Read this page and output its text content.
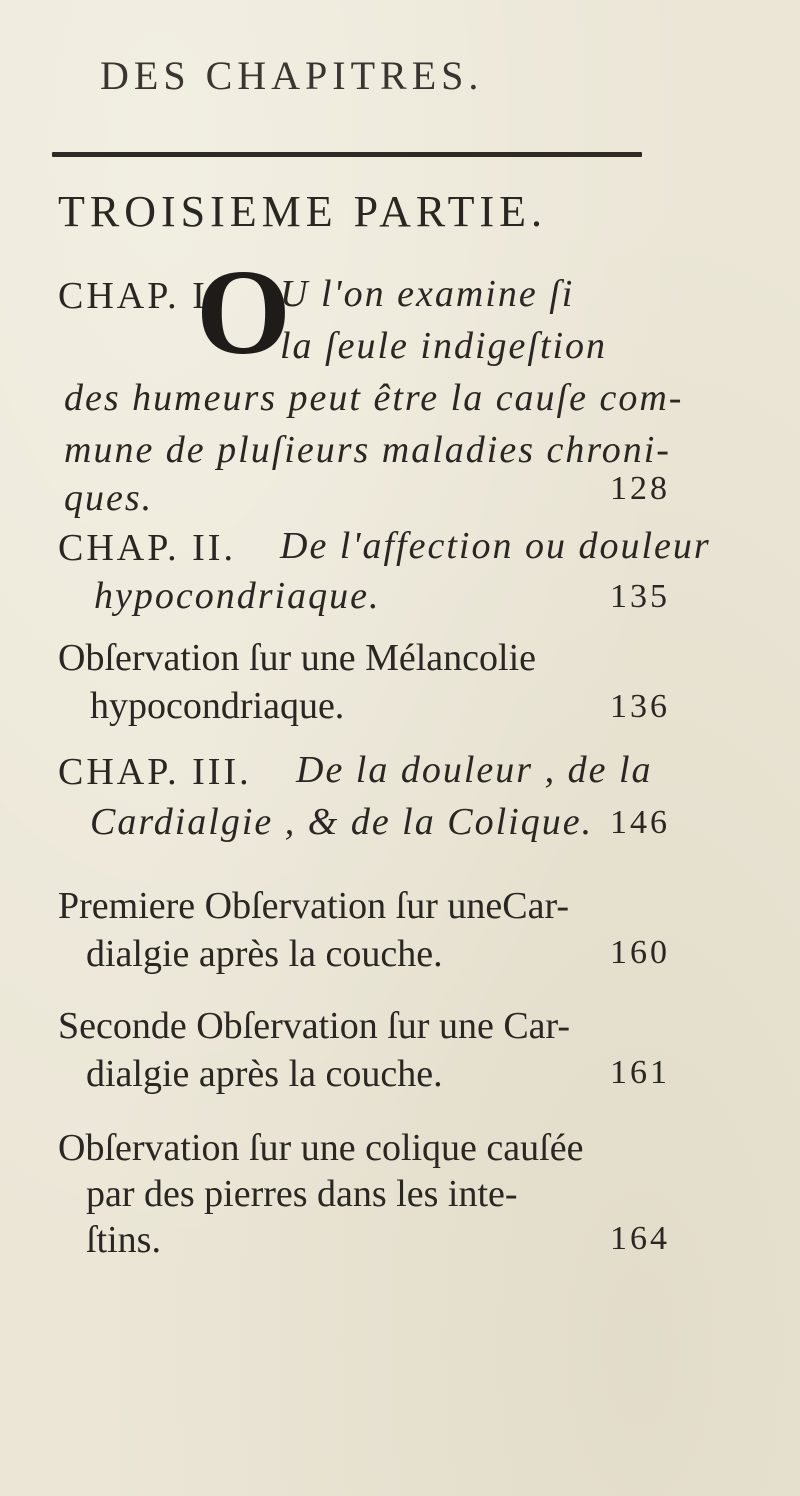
DES CHAPITRES.
TROISIEME PARTIE.
CHAP. I. U l'on examine ſi
la ſeule indigeſtion
des humeurs peut être la cauſe com-
mune de pluſieurs maladies chroni-
ques.	128
O
CHAP. II. De l'affection ou douleur
hypocondriaque.	135
Obſervation ſur une Mélancolie
hypocondriaque.	136
CHAP. III. De la douleur , de la
Cardialgie , & de la Colique. 146
Premiere Obſervation ſur uneCar-
dialgie après la couche.	160
Seconde Obſervation ſur une Car-
dialgie après la couche.	161
Obſervation ſur une colique cauſée
par des pierres dans les inte-
ſtins.	164
